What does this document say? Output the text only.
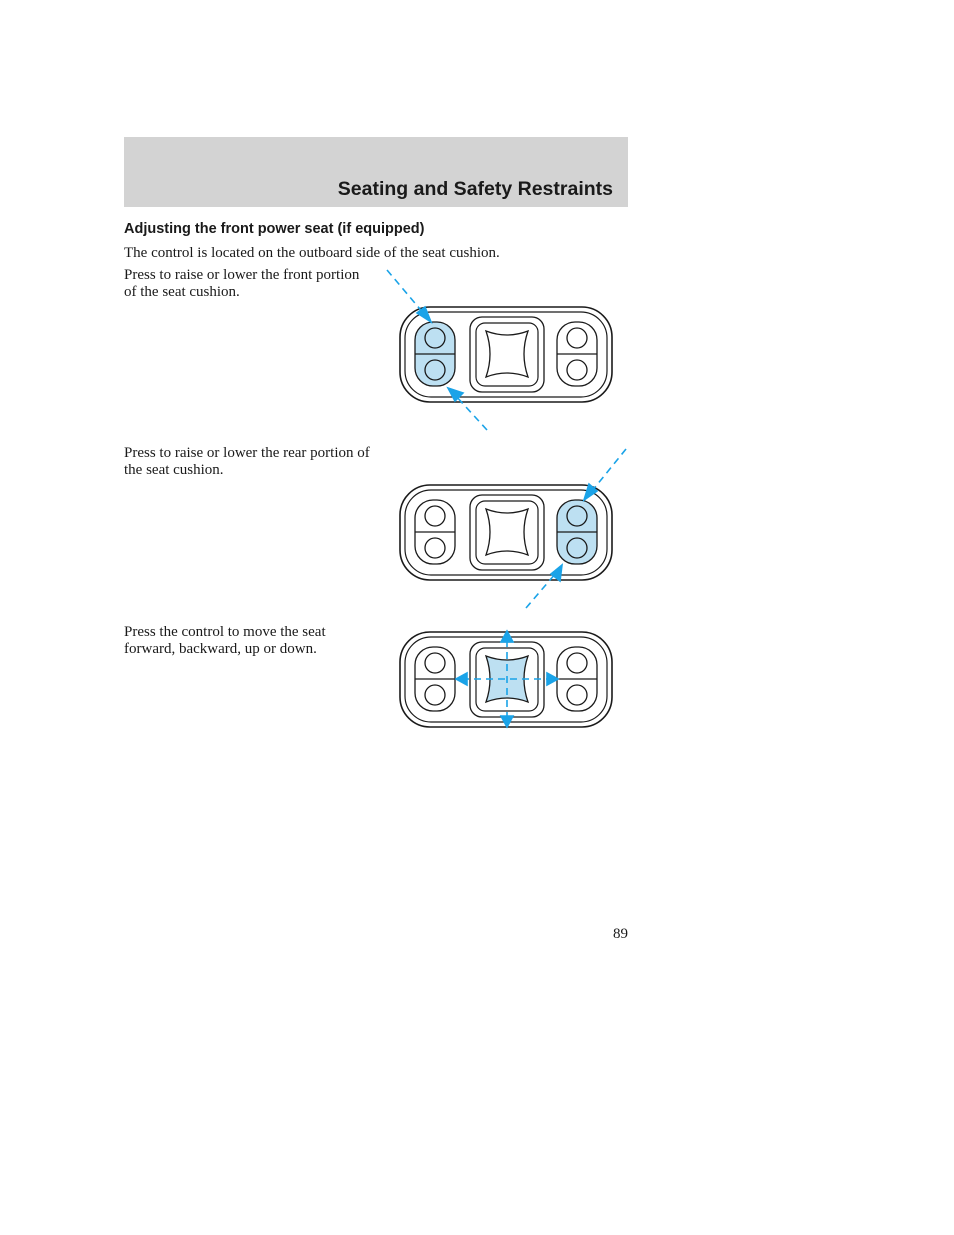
Seating and Safety Restraints
Adjusting the front power seat (if equipped)
The control is located on the outboard side of the seat cushion.
Press to raise or lower the front portion of the seat cushion.
Press to raise or lower the rear portion of the seat cushion.
Press the control to move the seat forward, backward, up or down.
89
